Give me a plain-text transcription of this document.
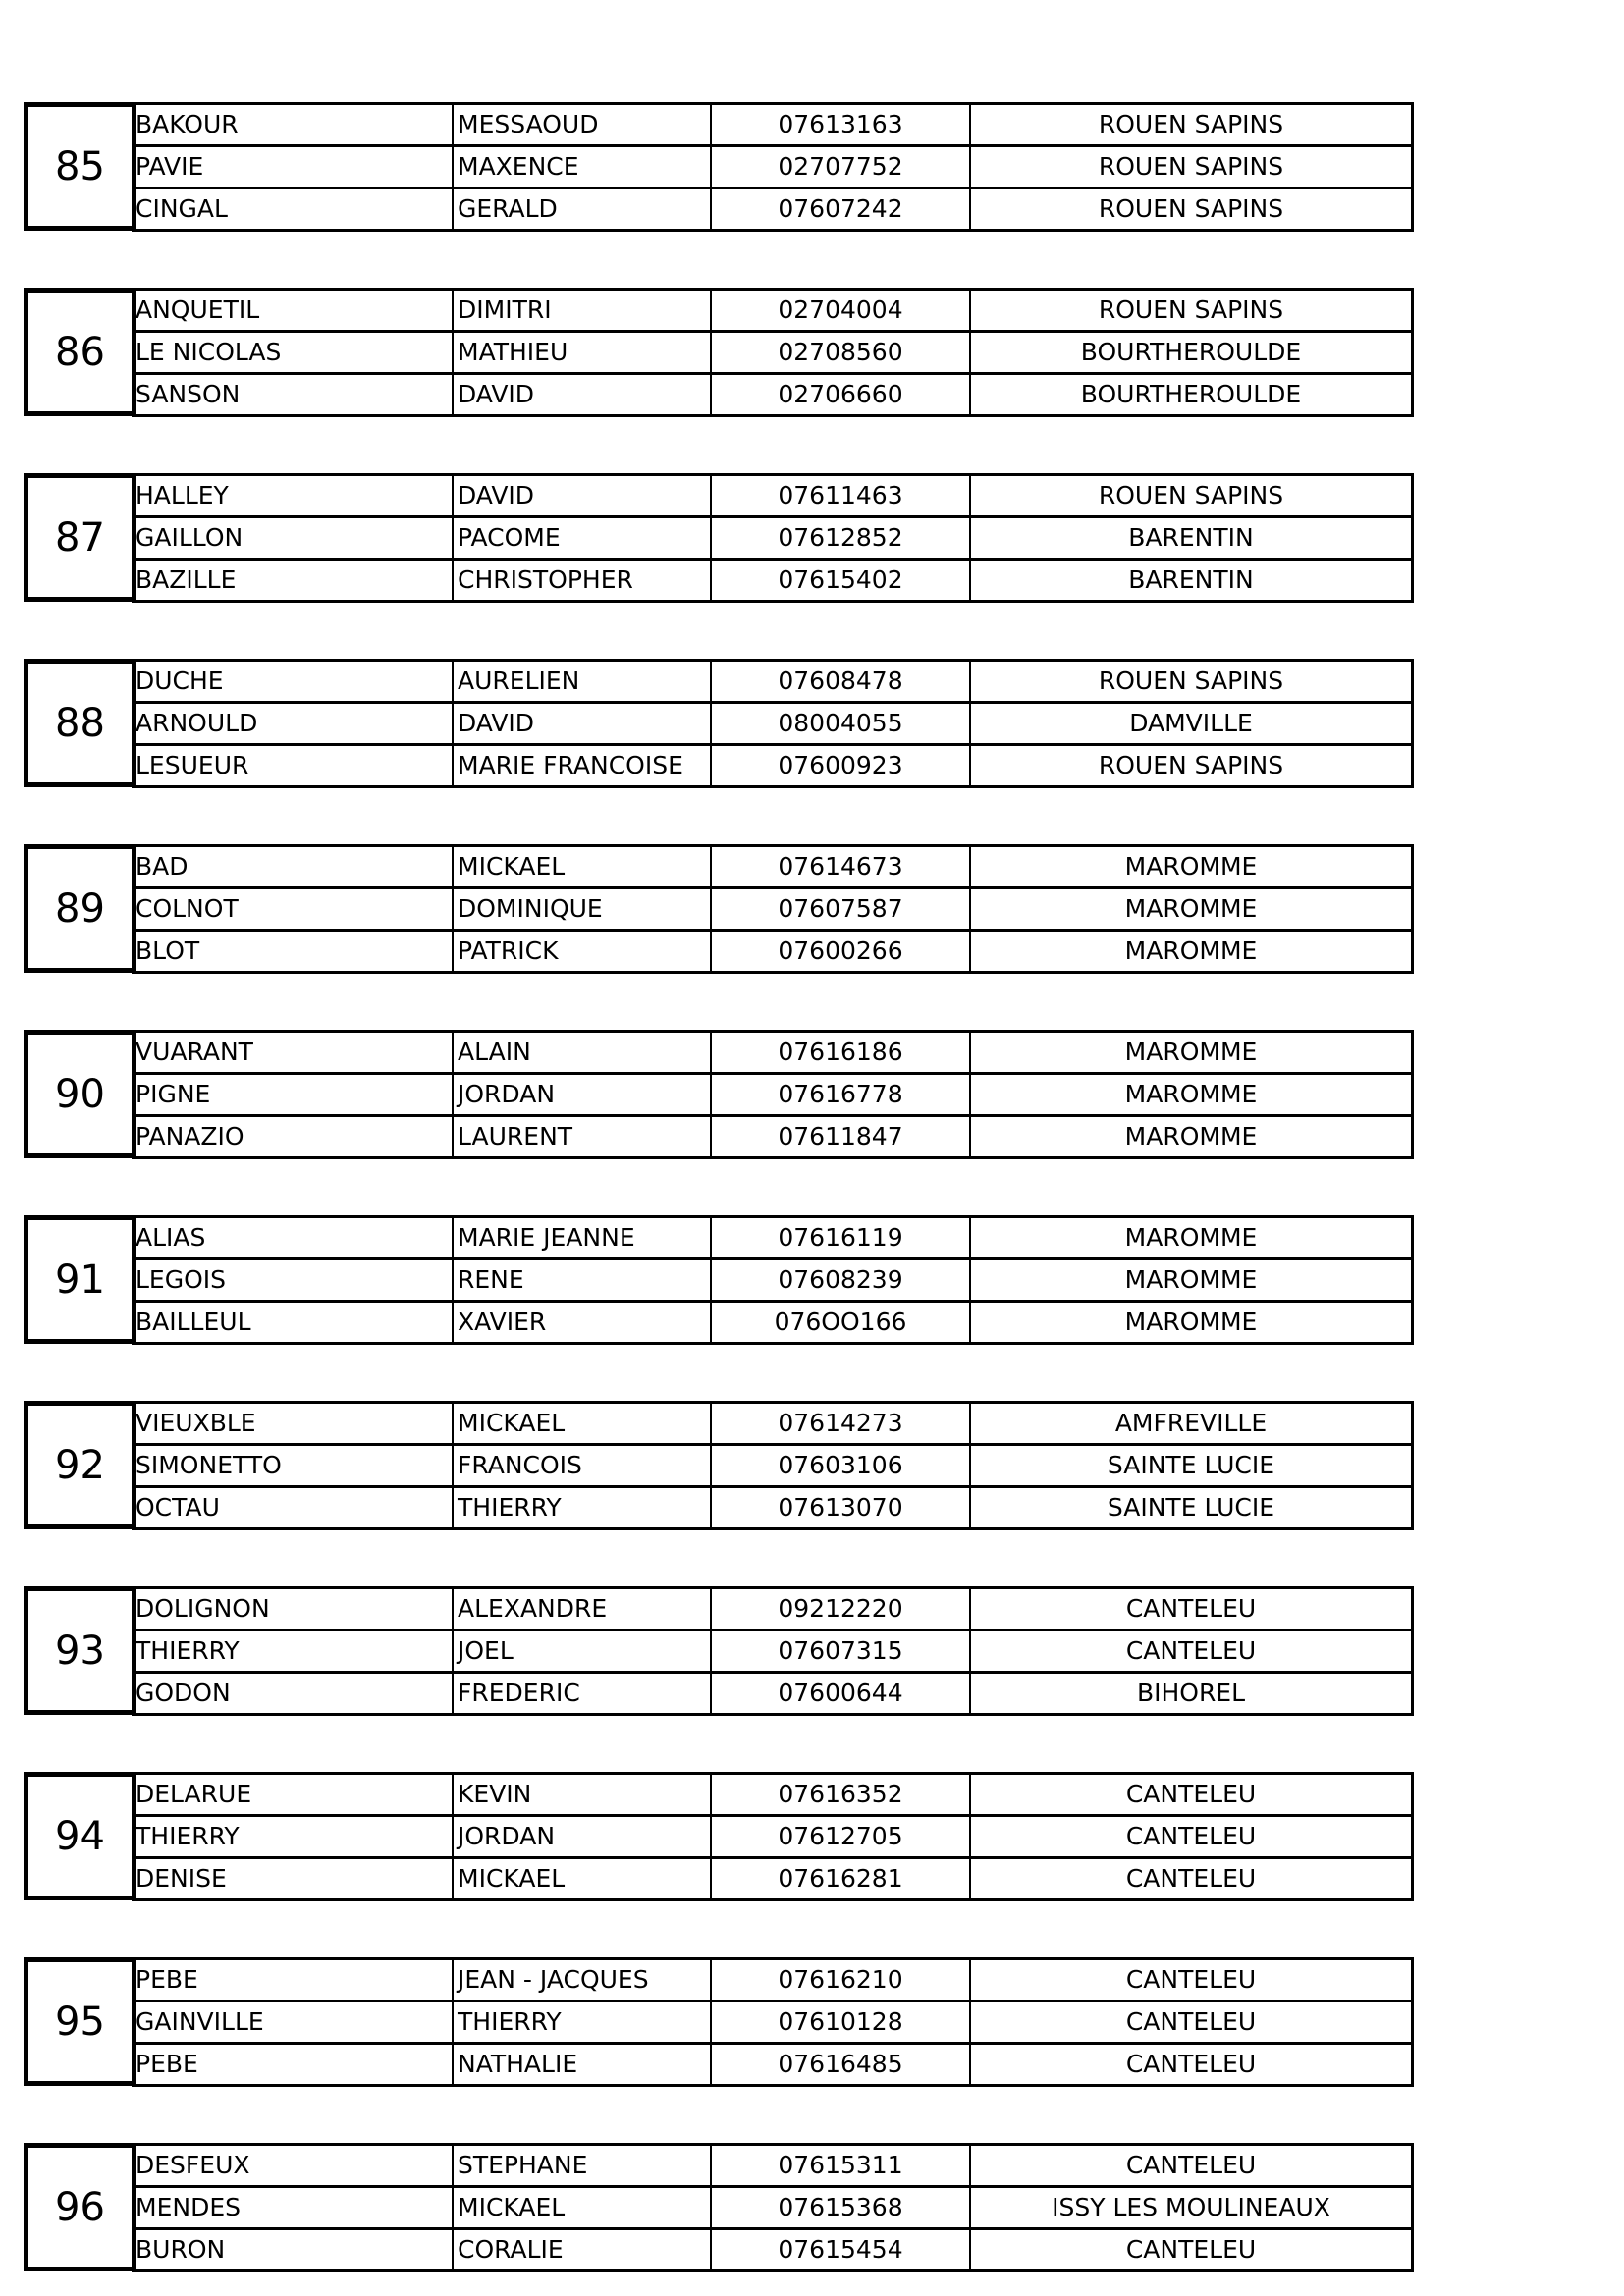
85
BAKOUR	MESSAOUD	07613163	ROUEN SAPINS
PAVIE	MAXENCE	02707752	ROUEN SAPINS
CINGAL	GERALD	07607242	ROUEN SAPINS
86
ANQUETIL	DIMITRI	02704004	ROUEN SAPINS
LE NICOLAS	MATHIEU	02708560	BOURTHEROULDE
SANSON	DAVID	02706660	BOURTHEROULDE
87
HALLEY	DAVID	07611463	ROUEN SAPINS
GAILLON	PACOME	07612852	BARENTIN
BAZILLE	CHRISTOPHER	07615402	BARENTIN
88
DUCHE	AURELIEN	07608478	ROUEN SAPINS
ARNOULD	DAVID	08004055	DAMVILLE
LESUEUR	MARIE FRANCOISE	07600923	ROUEN SAPINS
89
BAD	MICKAEL	07614673	MAROMME
COLNOT	DOMINIQUE	07607587	MAROMME
BLOT	PATRICK	07600266	MAROMME
90
VUARANT	ALAIN	07616186	MAROMME
PIGNE	JORDAN	07616778	MAROMME
PANAZIO	LAURENT	07611847	MAROMME
91
ALIAS	MARIE JEANNE	07616119	MAROMME
LEGOIS	RENE	07608239	MAROMME
BAILLEUL	XAVIER	076OO166	MAROMME
92
VIEUXBLE	MICKAEL	07614273	AMFREVILLE
SIMONETTO	FRANCOIS	07603106	SAINTE LUCIE
OCTAU	THIERRY	07613070	SAINTE LUCIE
93
DOLIGNON	ALEXANDRE	09212220	CANTELEU
THIERRY	JOEL	07607315	CANTELEU
GODON	FREDERIC	07600644	BIHOREL
94
DELARUE	KEVIN	07616352	CANTELEU
THIERRY	JORDAN	07612705	CANTELEU
DENISE	MICKAEL	07616281	CANTELEU
95
PEBE	JEAN - JACQUES	07616210	CANTELEU
GAINVILLE	THIERRY	07610128	CANTELEU
PEBE	NATHALIE	07616485	CANTELEU
96
DESFEUX	STEPHANE	07615311	CANTELEU
MENDES	MICKAEL	07615368	ISSY LES MOULINEAUX
BURON	CORALIE	07615454	CANTELEU
